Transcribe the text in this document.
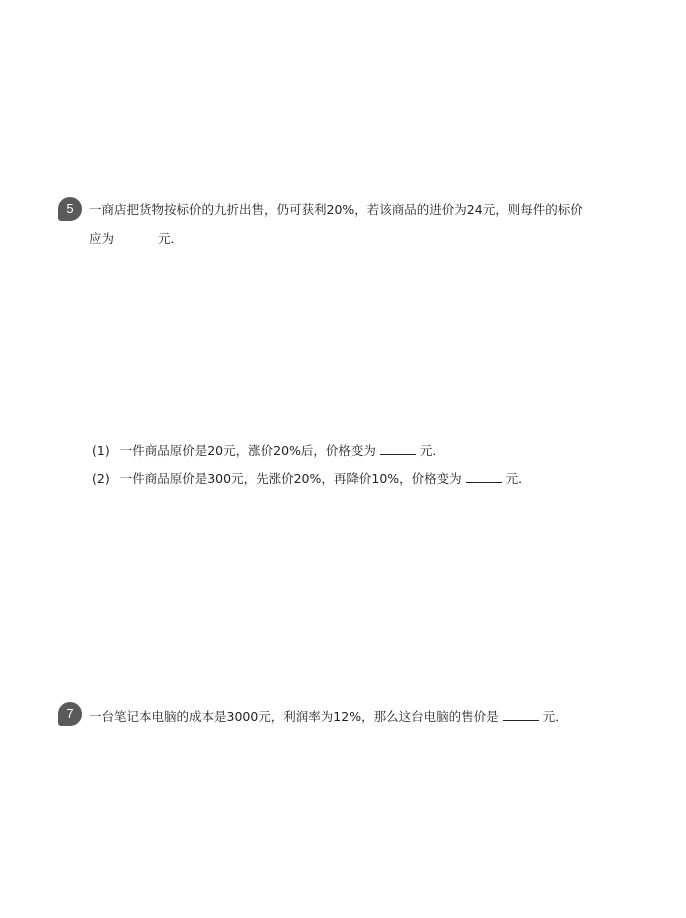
5	一商店把货物按标价的九折出售，仍可获利20%，若该商品的进价为24元，则每件的标价
应为	元．
(1) 一件商品原价是20元，涨价20%后，价格变为	元．
(2) 一件商品原价是300元，先涨价20%，再降价10%，价格变为	元．
7	一台笔记本电脑的成本是3000元，利润率为12%，那么这台电脑的售价是	元．
